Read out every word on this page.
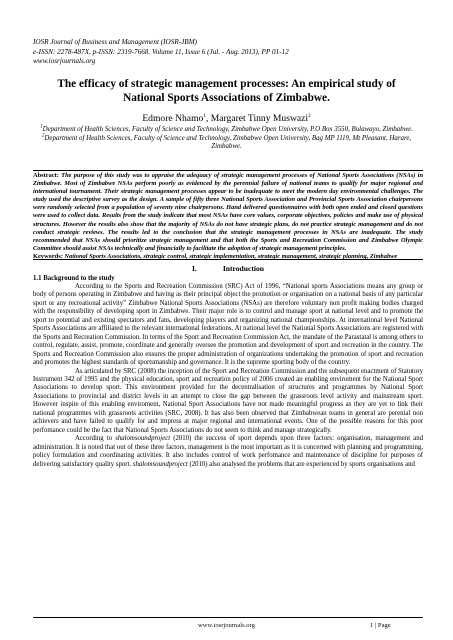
IOSR Journal of Business and Management (IOSR-JBM)
e-ISSN: 2278-487X, p-ISSN: 2319-7668. Volume 11, Issue 6 (Jul. - Aug. 2013), PP 01-12
www.iosrjournals.org
The efficacy of strategic management processes: An empirical study of National Sports Associations of Zimbabwe.
Edmore Nhamo$^1$, Margaret Tinny Muswazi$^2$
$^1$Department of Health Sciences, Faculty of Science and Technology, Zimbabwe Open University, P.O Box 3550, Bulawayo, Zimbabwe.
$^2$Department of Health Sciences, Faculty of Science and Technology, Zimbabwe Open University, Bag MP 1119, Mt Pleasant, Harare, Zimbabwe.
Abstract: The purpose of this study was to appraise the adequacy of strategic management processes of National Sports Associations (NSAs) in Zimbabwe. Most of Zimbabwe NSAs perform poorly as evidenced by the perennial failure of national teams to qualify for major regional and international tournament. Their strategic management processes appear to be inadequate to meet the modern day environmental challenges. The study used the descriptive survey as the design. A sample of fifty three National Sports Association and Provincial Sports Association chairpersons were randomly selected from a population of seventy nine chairpersons. Hand delivered questionnaires with both open ended and closed questions were used to collect data. Results from the study indicate that most NSAs have core values, corporate objectives, policies and make use of physical structures. However the results also show that the majority of NSAs do not have strategic plans, do not practice strategic management and do not conduct strategic reviews. The results led to the conclusion that the strategic management processes in NSAs are inadequate. The study recommended that NSAs should prioritize strategic management and that both the Sports and Recreation Commission and Zimbabwe Olympic Committee should assist NSAs technically and financially to facilitate the adoption of strategic management principles.
Keywords: National Sports Associations, strategic control, strategic implementation, strategic management, strategic planning, Zimbabwe
I.	Introduction
1.1 Background to the study

According to the Sports and Recreation Commission (SRC) Act of 1996, “National sports Associations means any group or body of persons operating in Zimbabwe and having as their principal object the promotion or organisation on a national basis of any particular sport or any recreational activity” Zimbabwe National Sports Associations (NSAs) are therefore voluntary non profit making bodies charged with the responsibility of developing sport in Zimbabwe. Their major role is to control and manage sport at national level and to promote the sport to potential and existing spectators and fans, developing players and organizing national championships. At international level National Sports Associations are affiliated to the relevant international federations. At national level the National Sports Associations are registered with the Sports and Recreation Commission. In terms of the Sport and Recreation Commission Act, the mandate of the Parastatal is among others to control, regulate, assist, promote, coordinate and generally oversee the promotion and development of sport and recreation in the country. The Sports and Recreation Commission also ensures the proper administration of organizations undertaking the promotion of sport and recreation and promotes the highest standards of sportsmanship and governance. It is the supreme sporting body of the country.

As articulated by SRC (2008) the inception of the Sport and Recreation Commission and the subsequent enactment of Statutory Instrument 342 of 1995 and the physical education, sport and recreation policy of 2006 created an enabling enviroment for the National Sport Associations to develop sport. This environment provided for the decentralisation of structures and programmes by National Sport Associations to provincial and district levels in an attempt to close the gap between the grassroots level activity and mainstream sport. However inspite of this enabling enviroment, National Sport Associations have not made meaningful progress as they are yet to link their national programmes with grassroots activities (SRC, 2008). It has also been observed that Zimbabwean teams in general are perenial non achievers and have failed to qualify for and impress at major regional and international events. One of the possible reasons for this poor perfomance could be the fact that National Sports Associations do not seem to think and manage strategically.

According to shalomsoundproject (2010) the success of sport depends upon three factors: organisation, management and administration. It is noted that out of these three factors, management is the most important as it is concerned with planning and programming, policy formulation and coordinating activities. It also includes control of work perfomance and maintenance of discipline for purposes of delivering satisfactory quality sport. shalomsoundproject (2010) also analysed the problems that are experienced by sports organisations and

www.iosrjournals.org	1 | Page
